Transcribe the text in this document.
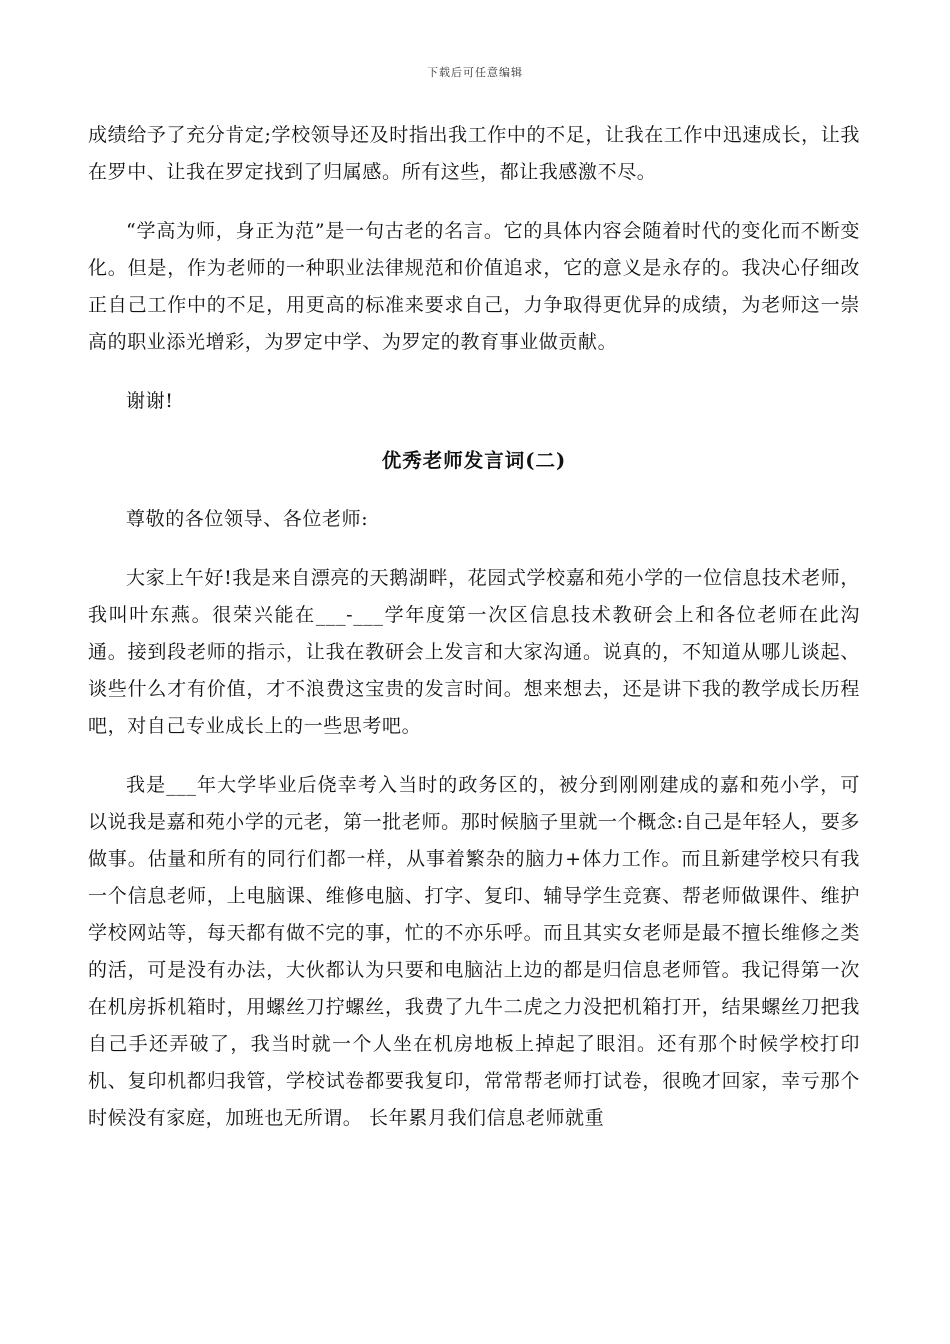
下载后可任意编辑

成绩给予了充分肯定;学校领导还及时指出我工作中的不足，让我在工作中迅速成长，让我在罗中、让我在罗定找到了归属感。所有这些，都让我感激不尽。

“学高为师，身正为范”是一句古老的名言。它的具体内容会随着时代的变化而不断变化。但是，作为老师的一种职业法律规范和价值追求，它的意义是永存的。我决心仔细改正自己工作中的不足，用更高的标准来要求自己，力争取得更优异的成绩，为老师这一崇高的职业添光增彩，为罗定中学、为罗定的教育事业做贡献。

谢谢!

优秀老师发言词(二)

尊敬的各位领导、各位老师:

大家上午好!我是来自漂亮的天鹅湖畔，花园式学校嘉和苑小学的一位信息技术老师，我叫叶东燕。很荣兴能在___-___学年度第一次区信息技术教研会上和各位老师在此沟通。接到段老师的指示，让我在教研会上发言和大家沟通。说真的，不知道从哪儿谈起、谈些什么才有价值，才不浪费这宝贵的发言时间。想来想去，还是讲下我的教学成长历程吧，对自己专业成长上的一些思考吧。

我是___年大学毕业后侥幸考入当时的政务区的，被分到刚刚建成的嘉和苑小学，可以说我是嘉和苑小学的元老，第一批老师。那时候脑子里就一个概念:自己是年轻人，要多做事。估量和所有的同行们都一样，从事着繁杂的脑力+体力工作。而且新建学校只有我一个信息老师，上电脑课、维修电脑、打字、复印、辅导学生竞赛、帮老师做课件、维护学校网站等，每天都有做不完的事，忙的不亦乐呼。而且其实女老师是最不擅长维修之类的活，可是没有办法，大伙都认为只要和电脑沾上边的都是归信息老师管。我记得第一次在机房拆机箱时，用螺丝刀拧螺丝，我费了九牛二虎之力没把机箱打开，结果螺丝刀把我自己手还弄破了，我当时就一个人坐在机房地板上掉起了眼泪。还有那个时候学校打印机、复印机都归我管，学校试卷都要我复印，常常帮老师打试卷，很晚才回家，幸亏那个时候没有家庭，加班也无所谓。 长年累月我们信息老师就重
